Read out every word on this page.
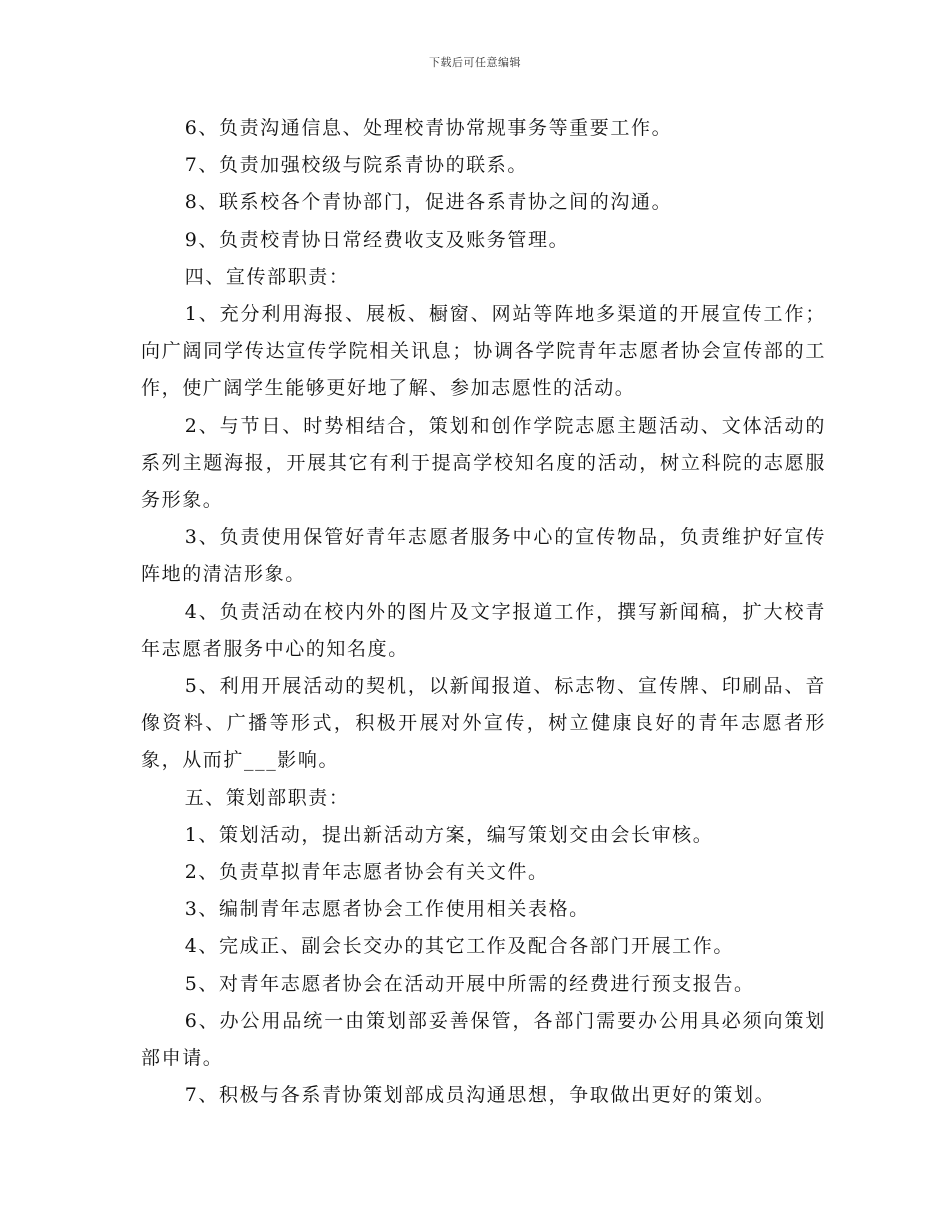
下载后可任意编辑

6、负责沟通信息、处理校青协常规事务等重要工作。

7、负责加强校级与院系青协的联系。

8、联系校各个青协部门，促进各系青协之间的沟通。

9、负责校青协日常经费收支及账务管理。

四、宣传部职责：

1、充分利用海报、展板、橱窗、网站等阵地多渠道的开展宣传工作；向广阔同学传达宣传学院相关讯息；协调各学院青年志愿者协会宣传部的工作，使广阔学生能够更好地了解、参加志愿性的活动。

2、与节日、时势相结合，策划和创作学院志愿主题活动、文体活动的系列主题海报，开展其它有利于提高学校知名度的活动，树立科院的志愿服务形象。

3、负责使用保管好青年志愿者服务中心的宣传物品，负责维护好宣传阵地的清洁形象。

4、负责活动在校内外的图片及文字报道工作，撰写新闻稿，扩大校青年志愿者服务中心的知名度。

5、利用开展活动的契机，以新闻报道、标志物、宣传牌、印刷品、音像资料、广播等形式，积极开展对外宣传，树立健康良好的青年志愿者形象，从而扩___影响。

五、策划部职责：

1、策划活动，提出新活动方案，编写策划交由会长审核。

2、负责草拟青年志愿者协会有关文件。

3、编制青年志愿者协会工作使用相关表格。

4、完成正、副会长交办的其它工作及配合各部门开展工作。

5、对青年志愿者协会在活动开展中所需的经费进行预支报告。

6、办公用品统一由策划部妥善保管，各部门需要办公用具必须向策划部申请。

7、积极与各系青协策划部成员沟通思想，争取做出更好的策划。
